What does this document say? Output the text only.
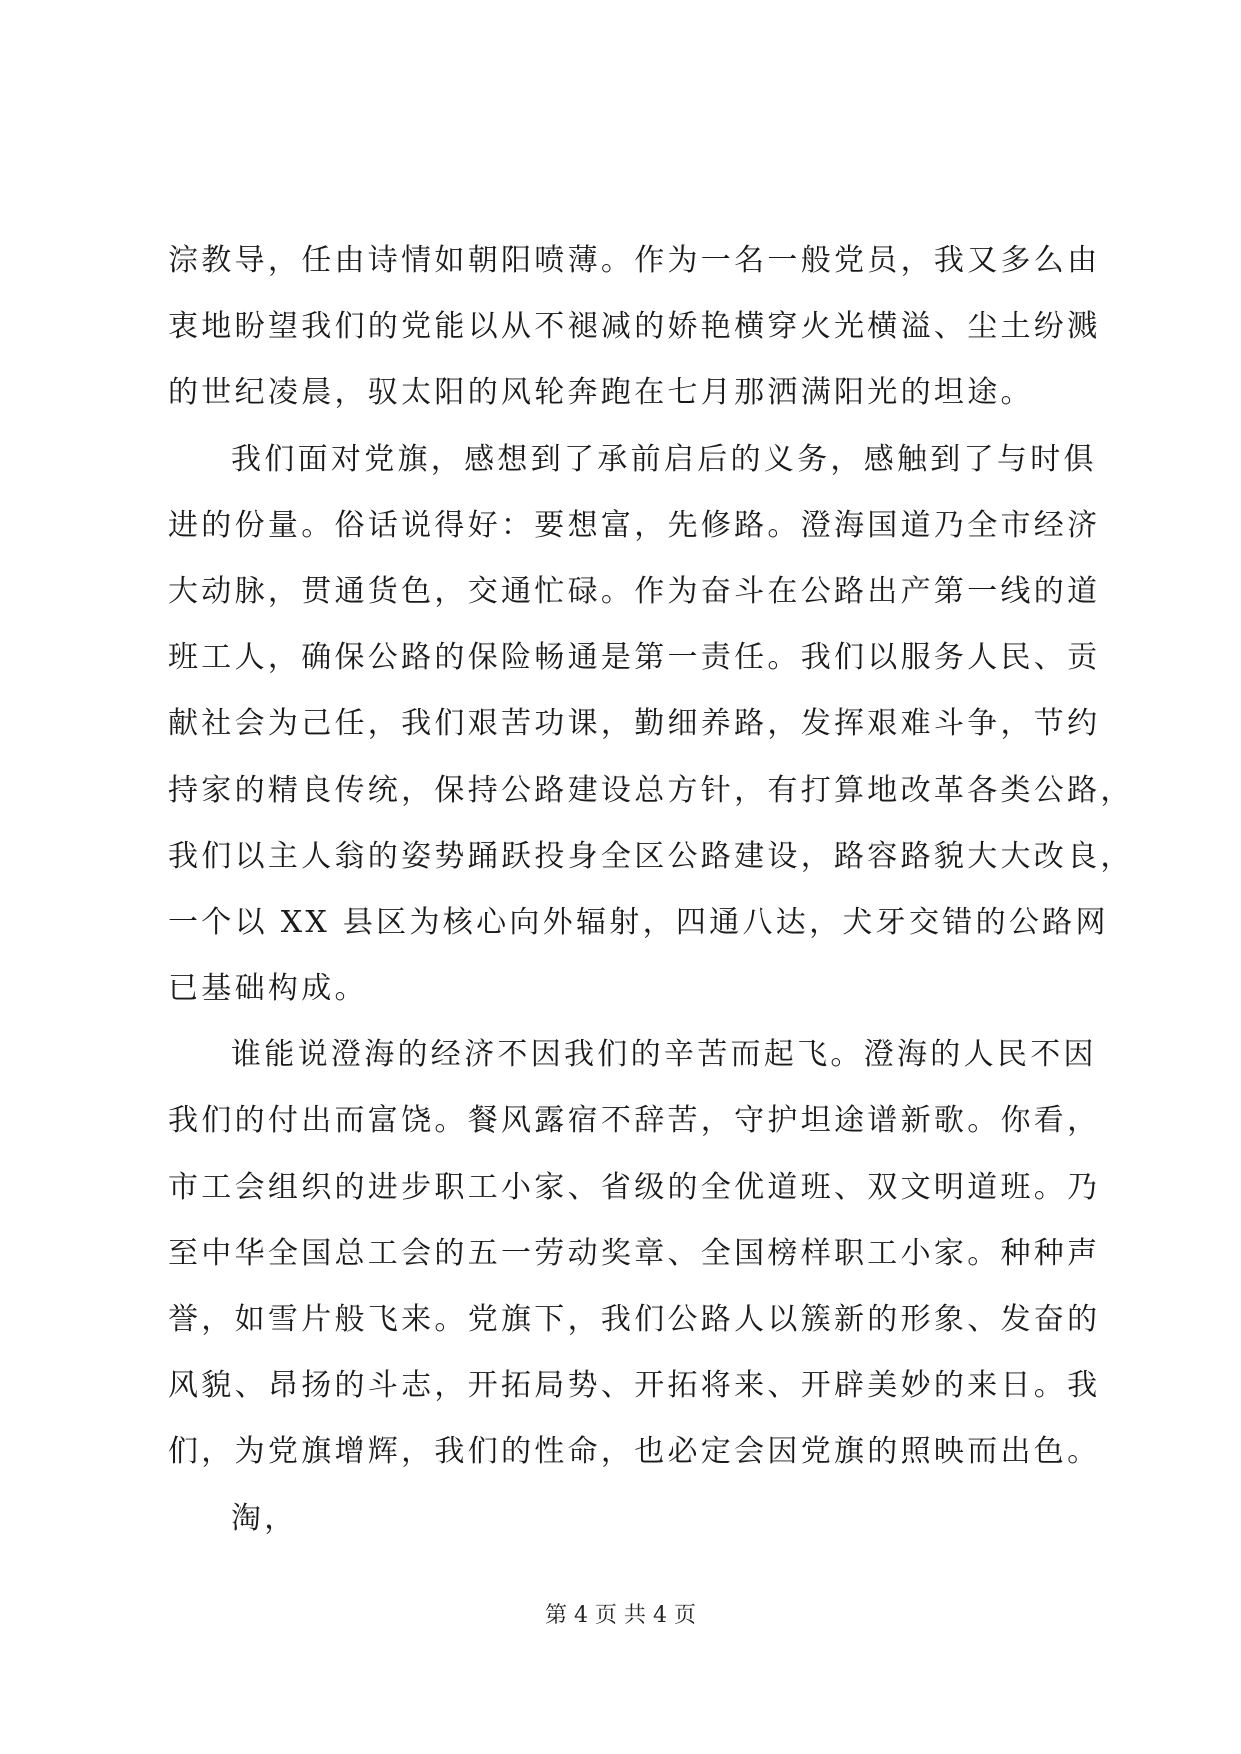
淙教导，任由诗情如朝阳喷薄。作为一名一般党员，我又多么由
衷地盼望我们的党能以从不褪减的娇艳横穿火光横溢、尘土纷溅
的世纪凌晨，驭太阳的风轮奔跑在七月那洒满阳光的坦途。
我们面对党旗，感想到了承前启后的义务，感触到了与时俱
进的份量。俗话说得好：要想富，先修路。澄海国道乃全市经济
大动脉，贯通货色，交通忙碌。作为奋斗在公路出产第一线的道
班工人，确保公路的保险畅通是第一责任。我们以服务人民、贡
献社会为己任，我们艰苦功课，勤细养路，发挥艰难斗争，节约
持家的精良传统，保持公路建设总方针，有打算地改革各类公路，
我们以主人翁的姿势踊跃投身全区公路建设，路容路貌大大改良，
一个以 XX 县区为核心向外辐射，四通八达，犬牙交错的公路网
已基础构成。
谁能说澄海的经济不因我们的辛苦而起飞。澄海的人民不因
我们的付出而富饶。餐风露宿不辞苦，守护坦途谱新歌。你看，
市工会组织的进步职工小家、省级的全优道班、双文明道班。乃
至中华全国总工会的五一劳动奖章、全国榜样职工小家。种种声
誉，如雪片般飞来。党旗下，我们公路人以簇新的形象、发奋的
风貌、昂扬的斗志，开拓局势、开拓将来、开辟美妙的来日。我
们，为党旗增辉，我们的性命，也必定会因党旗的照映而出色。
淘，
第 4 页 共 4 页
